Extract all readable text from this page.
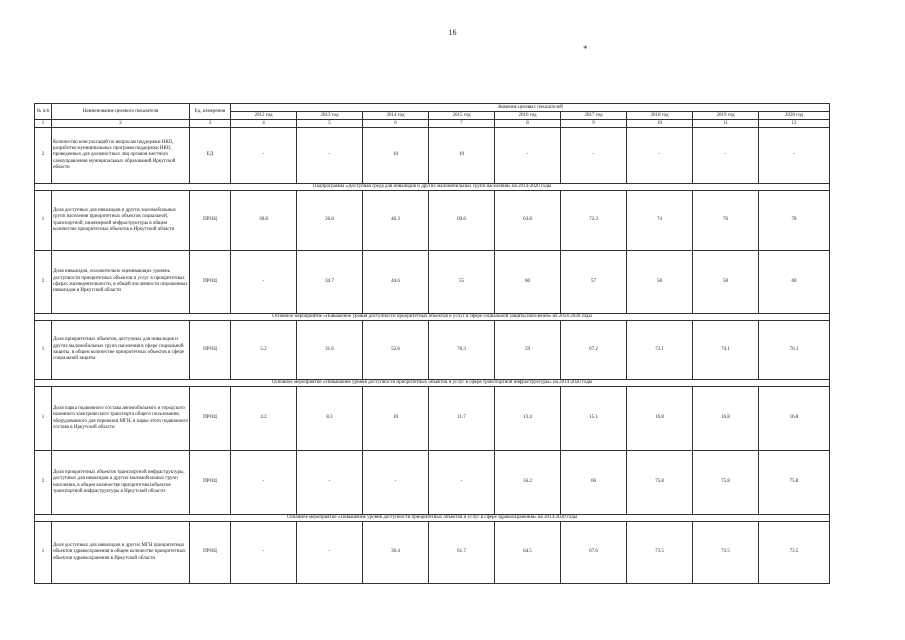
16
*
№ п/п	Наименование целевого показателя	Ед. измерения	Значение целевых показателей								
			2012 год	2013 год	2014 год	2015 год	2016 год	2017 год	2018 год	2019 год	2020 год
1	2	3	4	5	6	7	8	9	10	11	12
2	Количество консультаций по вопросам поддержки НКО, разработке муниципальных программ поддержки НКО, проведенных для должностных лиц органов местного самоуправления муниципальных образований Иркутской области	ЕД	-	-	10	10	-	-	-	-	-
Подпрограмма «Доступная среда для инвалидов и других маломобильных групп населения» на 2014-2020 годы											
1	Доля доступных для инвалидов и других маломобильных групп населения приоритетных объектов социальной, транспортной, инженерной инфраструктуры в общем количестве приоритетных объектов в Иркутской области	ПРОЦ	30.8	26.8	46.3	69.6	63.8	72.3	74	76	78
2	Доля инвалидов, положительно оценивающих уровень доступности приоритетных объектов и услуг в приоритетных сферах жизнедеятельности, в общей численности опрошенных инвалидов в Иркутской области	ПРОЦ	-	34.7	44.6	55	60	57	58	58	60
Основное мероприятие «Повышение уровня доступности приоритетных объектов и услуг в сфере социальной защиты населения» на 2014-2020 годы											
1	Доля приоритетных объектов, доступных для инвалидов и других маломобильных групп населения в сфере социальной защиты, в общем количестве приоритетных объектов в сфере социальной защиты	ПРОЦ	5.2	31.6	52.6	76.3	59	67.2	72.1	74.1	76.1
Основное мероприятие «Повышение уровня доступности приоритетных объектов и услуг в сфере транспортной инфраструктуры» на 2014-2020 годы											
1	Доля парка подвижного состава автомобильного и городского наземного электрического транспорта общего пользования, оборудованного для перевозки МГН, в парке этого подвижного состава в Иркутской области	ПРОЦ	4.2	8.3	10	11.7	13.4	15.1	16.8	16.8	16.8
2	Доля приоритетных объектов транспортной инфраструктуры, доступных для инвалидов и других маломобильных групп населения, в общем количестве приоритетныхобъектов транспортной инфраструктуры в Иркутской области	ПРОЦ	-	-	-	-	56.2	66	75.8	75.8	75.8
Основное мероприятие «Повышение уровня доступности приоритетных объектов и услуг в сфере здравоохранения» на 2014-2020 годы											
1	Доля доступных для инвалидов и других МГН приоритетных объектов здравоохранения в общем количестве приоритетных объектов здравоохранения в Иркутской области	ПРОЦ	-	-	36.4	61.7	64.5	67.6	73.5	73.5	73.5
